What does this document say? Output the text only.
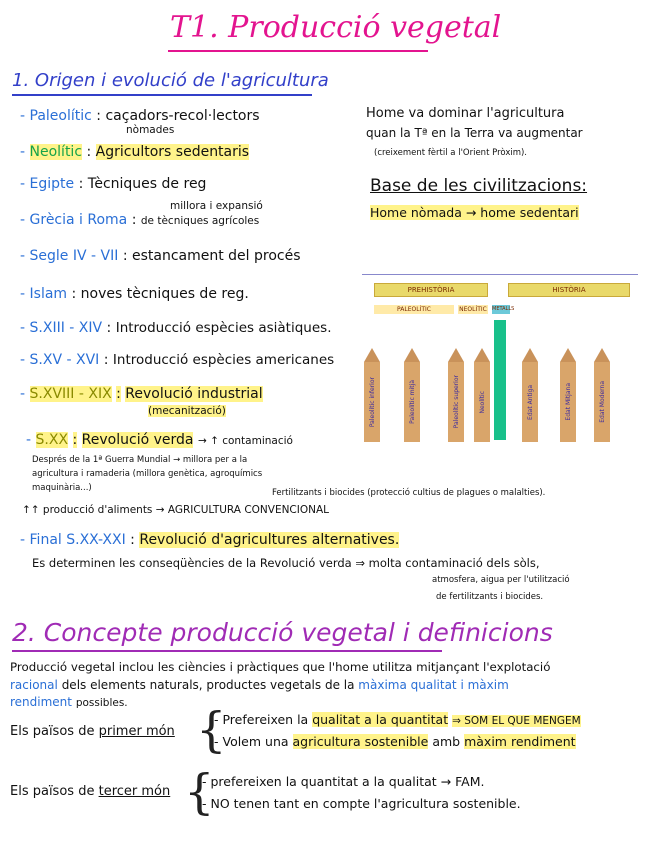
T1. Producció vegetal
1. Origen i evolució de l'agricultura
- Paleolític : caçadors-recol·lectors
nòmades
- Neolític : Agricultors sedentaris
- Egipte : Tècniques de reg
millora i expansió
- Grècia i Roma : de tècniques agrícoles
- Segle IV - VII : estancament del procés
- Islam : noves tècniques de reg.
- S.XIII - XIV : Introducció espècies asiàtiques.
- S.XV - XVI : Introducció espècies americanes
- S.XVIII - XIX : Revolució industrial
(mecanització)
- S.XX : Revolució verda → ↑ contaminació
Després de la 1ª Guerra Mundial → millora per a la
agricultura i ramaderia (millora genètica, agroquímics
maquinària...)	Fertilitzants i biocides (protecció cultius de plagues o malalties).
↑↑ producció d'aliments → AGRICULTURA CONVENCIONAL
- Final S.XX-XXI : Revolució d'agricultures alternatives.
Es determinen les conseqüències de la Revolució verda ⇒ molta contaminació dels sòls,
atmosfera, aigua per l'utilització
de fertilitzants i biocides.
Home va dominar l'agricultura
quan la Tª en la Terra va augmentar
(creixement fèrtil a l'Orient Pròxim).
Base de les civilitzacions:
Home nòmada → home sedentari
PREHISTÒRIA	HISTÒRIA
PALEOLÍTIC	NEOLÍTIC METALLS
Paleolític inferior	Paleolític mitjà	Paleolític superior	Neolític	Edat Antiga	Edat Mitjana	Edat Moderna
2. Concepte producció vegetal i definicions
Producció vegetal inclou les ciències i pràctiques que l'home utilitza mitjançant l'explotació
racional dels elements naturals, productes vegetals de la màxima qualitat i màxim
rendiment possibles.
Els països de primer món {
- Prefereixen la qualitat a la quantitat ⇒ SOM EL QUE MENGEM
- Volem una agricultura sostenible amb màxim rendiment
Els països de tercer món {
- prefereixen la quantitat a la qualitat → FAM.
- NO tenen tant en compte l'agricultura sostenible.
